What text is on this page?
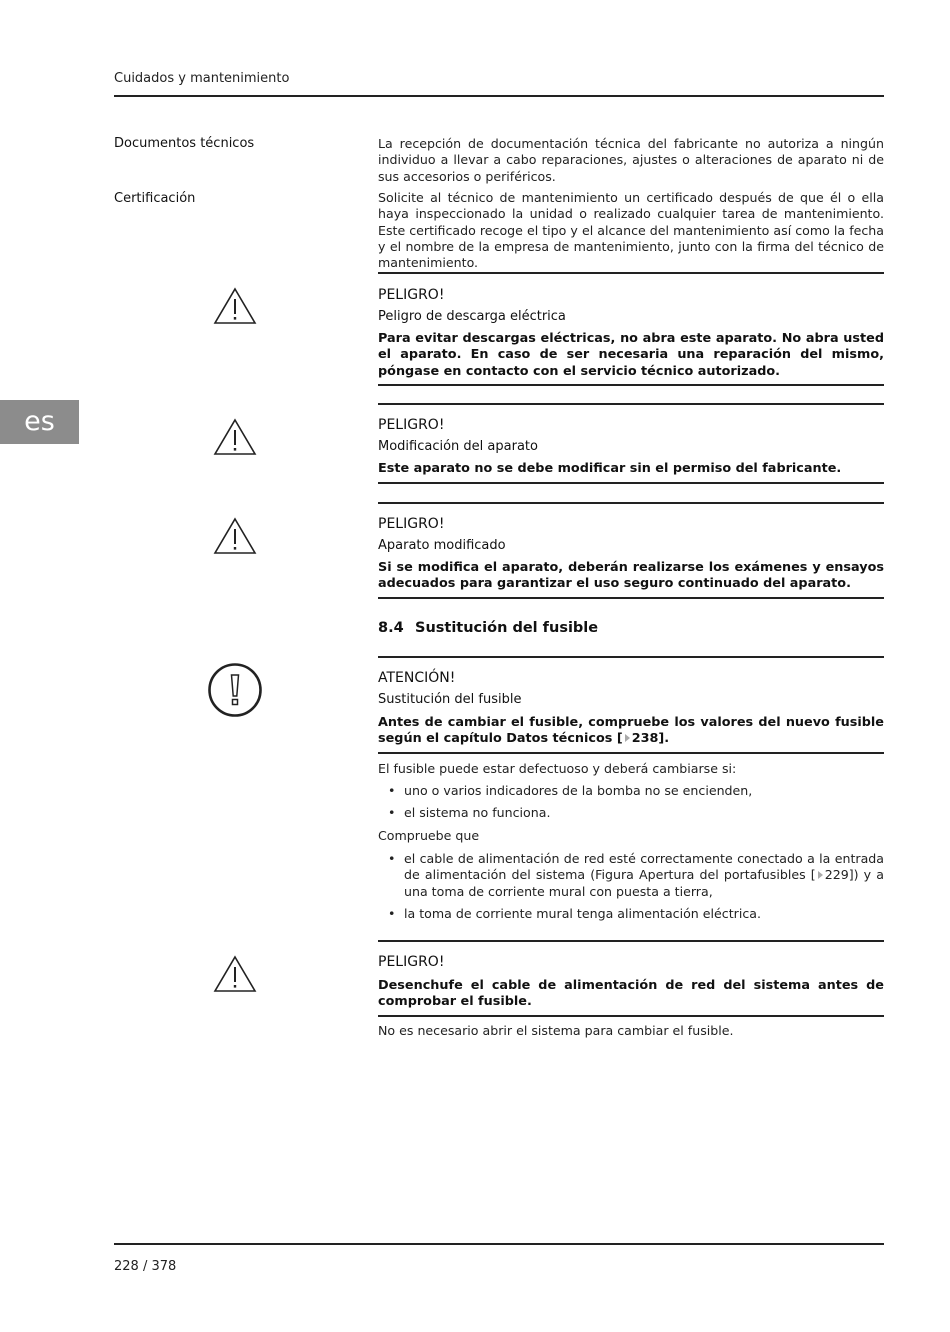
Cuidados y mantenimiento
es
Documentos técnicos	La recepción de documentación técnica del fabricante no autoriza a ningún individuo a llevar a cabo reparaciones, ajustes o alteraciones de aparato ni de sus accesorios o periféricos.
Certificación	Solicite al técnico de mantenimiento un certificado después de que él o ella haya inspeccionado la unidad o realizado cualquier tarea de mantenimiento. Este certificado recoge el tipo y el alcance del mantenimiento así como la fecha y el nombre de la empresa de mantenimiento, junto con la firma del técnico de mantenimiento.
PELIGRO!
Peligro de descarga eléctrica
Para evitar descargas eléctricas, no abra este aparato. No abra usted el aparato. En caso de ser necesaria una reparación del mismo, póngase en contacto con el servicio técnico autorizado.
PELIGRO!
Modificación del aparato
Este aparato no se debe modificar sin el permiso del fabricante.
PELIGRO!
Aparato modificado
Si se modifica el aparato, deberán realizarse los exámenes y ensayos adecuados para garantizar el uso seguro continuado del aparato.
8.4 Sustitución del fusible
ATENCIÓN!
Sustitución del fusible
Antes de cambiar el fusible, compruebe los valores del nuevo fusible según el capítulo Datos técnicos [ 238].
El fusible puede estar defectuoso y deberá cambiarse si:
• uno o varios indicadores de la bomba no se encienden,
• el sistema no funciona.
Compruebe que
• el cable de alimentación de red esté correctamente conectado a la entrada de alimentación del sistema (Figura Apertura del portafusibles [ 229]) y a una toma de corriente mural con puesta a tierra,
• la toma de corriente mural tenga alimentación eléctrica.
PELIGRO!
Desenchufe el cable de alimentación de red del sistema antes de comprobar el fusible.
No es necesario abrir el sistema para cambiar el fusible.
228 / 378
